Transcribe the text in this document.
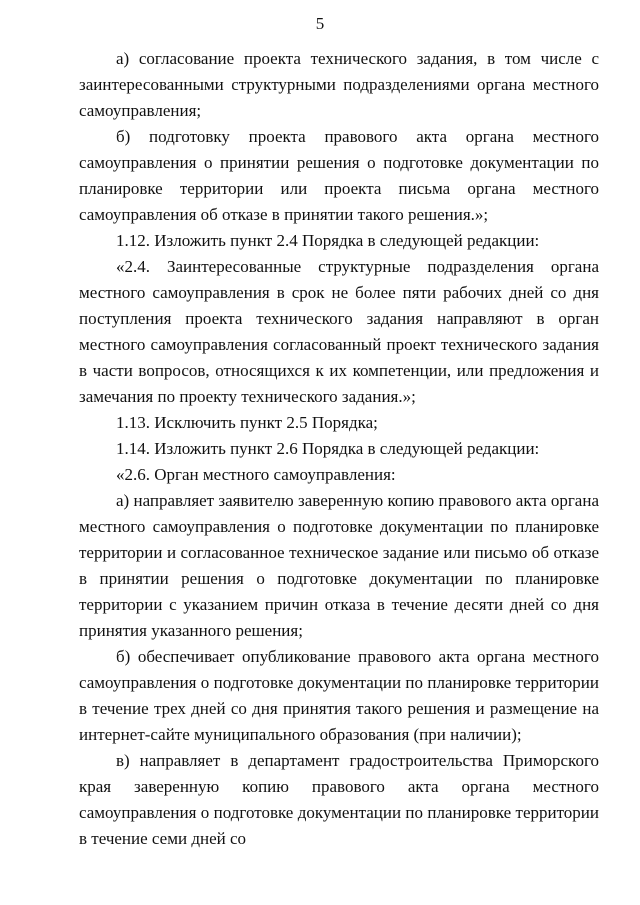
5

а) согласование проекта технического задания, в том числе с заинтересованными структурными подразделениями органа местного самоуправления;

б) подготовку проекта правового акта органа местного самоуправления о принятии решения о подготовке документации по планировке территории или проекта письма органа местного самоуправления об отказе в принятии такого решения.»;

1.12. Изложить пункт 2.4 Порядка в следующей редакции:

«2.4. Заинтересованные структурные подразделения органа местного самоуправления в срок не более пяти рабочих дней со дня поступления проекта технического задания направляют в орган местного самоуправления согласованный проект технического задания в части вопросов, относящихся к их компетенции, или предложения и замечания по проекту технического задания.»;

1.13. Исключить пункт 2.5 Порядка;

1.14. Изложить пункт 2.6 Порядка в следующей редакции:

«2.6. Орган местного самоуправления:

а) направляет заявителю заверенную копию правового акта органа местного самоуправления о подготовке документации по планировке территории и согласованное техническое задание или письмо об отказе в принятии решения о подготовке документации по планировке территории с указанием причин отказа в течение десяти дней со дня принятия указанного решения;

б) обеспечивает опубликование правового акта органа местного самоуправления о подготовке документации по планировке территории в течение трех дней со дня принятия такого решения и размещение на интернет-сайте муниципального образования (при наличии);

в) направляет в департамент градостроительства Приморского края заверенную копию правового акта органа местного самоуправления о подготовке документации по планировке территории в течение семи дней со
